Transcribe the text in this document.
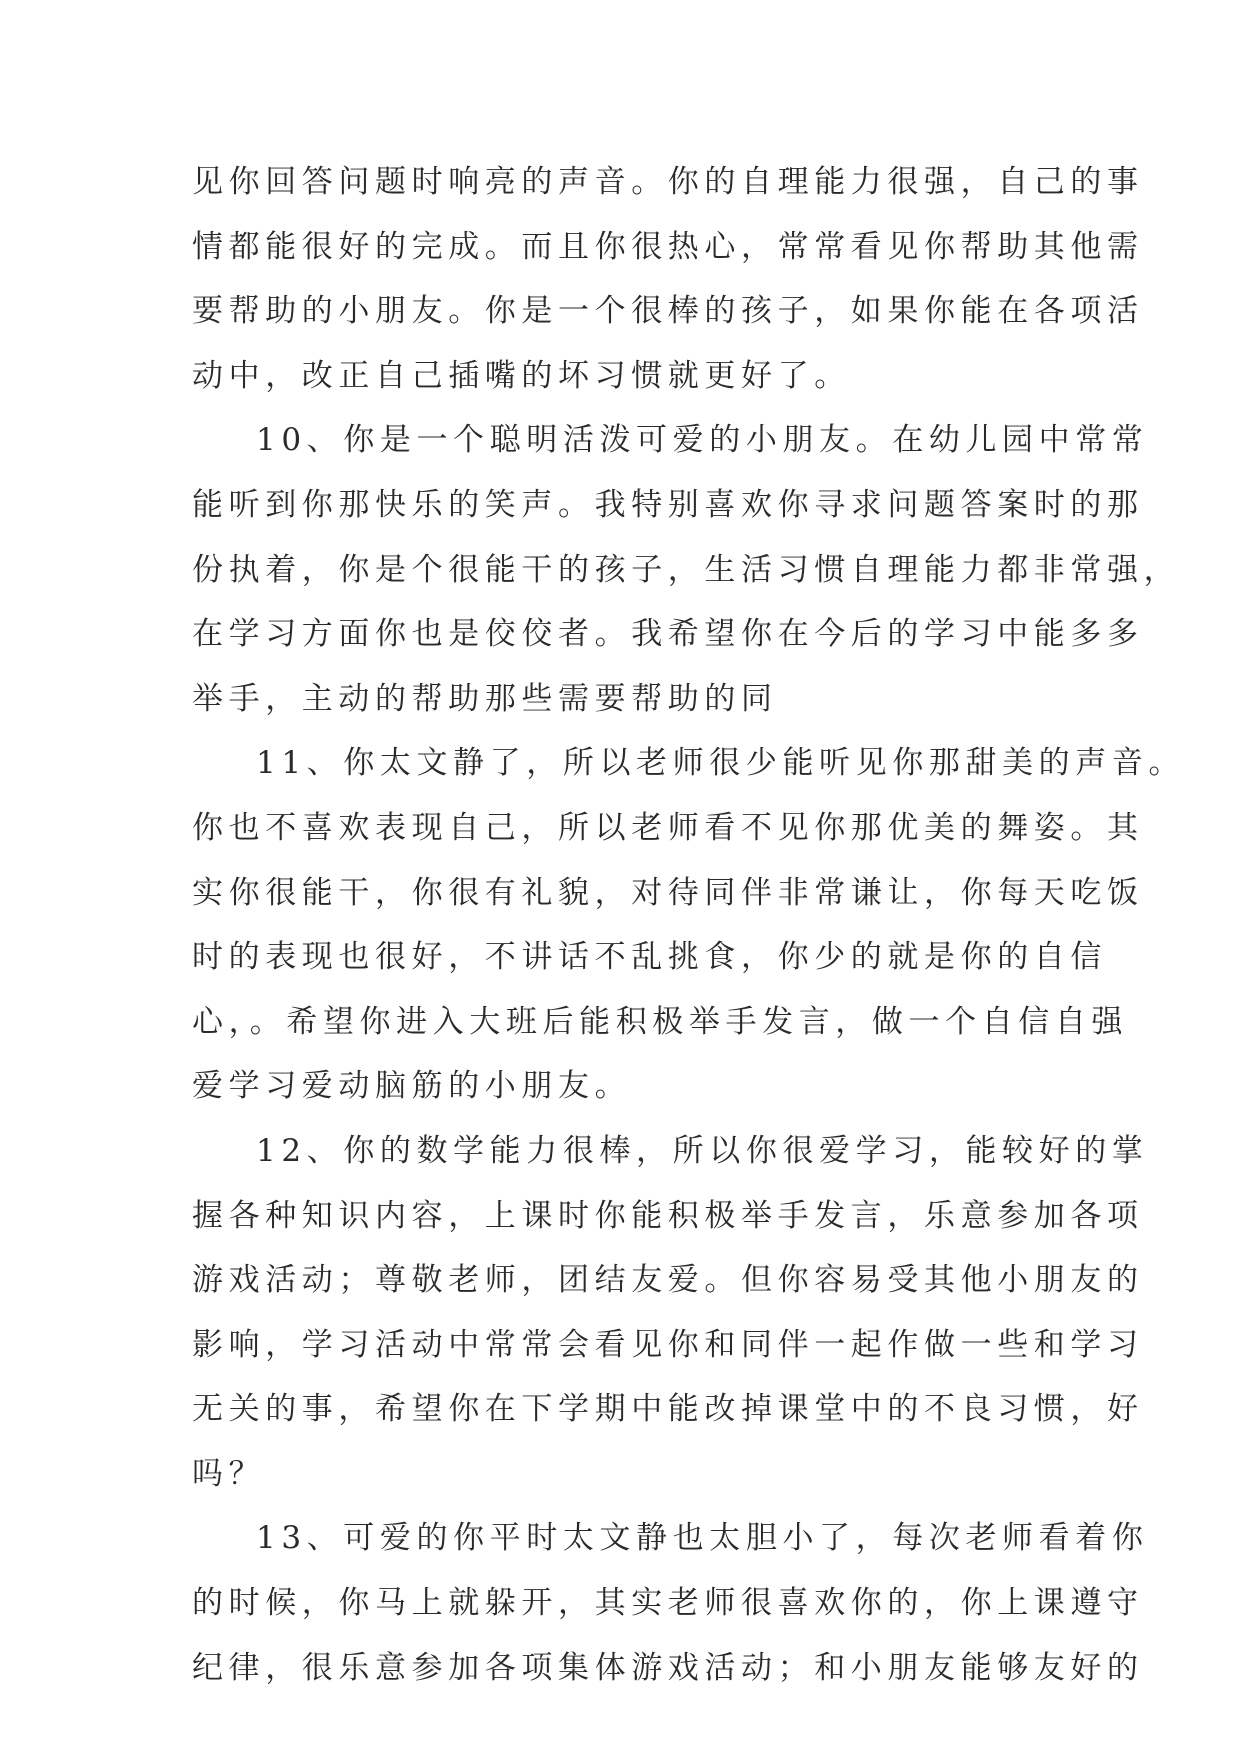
见你回答问题时响亮的声音。你的自理能力很强，自己的事
情都能很好的完成。而且你很热心，常常看见你帮助其他需
要帮助的小朋友。你是一个很棒的孩子，如果你能在各项活
动中，改正自己插嘴的坏习惯就更好了。
10、你是一个聪明活泼可爱的小朋友。在幼儿园中常常
能听到你那快乐的笑声。我特别喜欢你寻求问题答案时的那
份执着，你是个很能干的孩子，生活习惯自理能力都非常强，
在学习方面你也是佼佼者。我希望你在今后的学习中能多多
举手，主动的帮助那些需要帮助的同
11、你太文静了，所以老师很少能听见你那甜美的声音。
你也不喜欢表现自己，所以老师看不见你那优美的舞姿。其
实你很能干，你很有礼貌，对待同伴非常谦让，你每天吃饭
时的表现也很好，不讲话不乱挑食，你少的就是你的自信
心，。希望你进入大班后能积极举手发言，做一个自信自强
爱学习爱动脑筋的小朋友。
12、你的数学能力很棒，所以你很爱学习，能较好的掌
握各种知识内容，上课时你能积极举手发言，乐意参加各项
游戏活动；尊敬老师，团结友爱。但你容易受其他小朋友的
影响，学习活动中常常会看见你和同伴一起作做一些和学习
无关的事，希望你在下学期中能改掉课堂中的不良习惯，好
吗？
13、可爱的你平时太文静也太胆小了，每次老师看着你
的时候，你马上就躲开，其实老师很喜欢你的，你上课遵守
纪律，很乐意参加各项集体游戏活动；和小朋友能够友好的
